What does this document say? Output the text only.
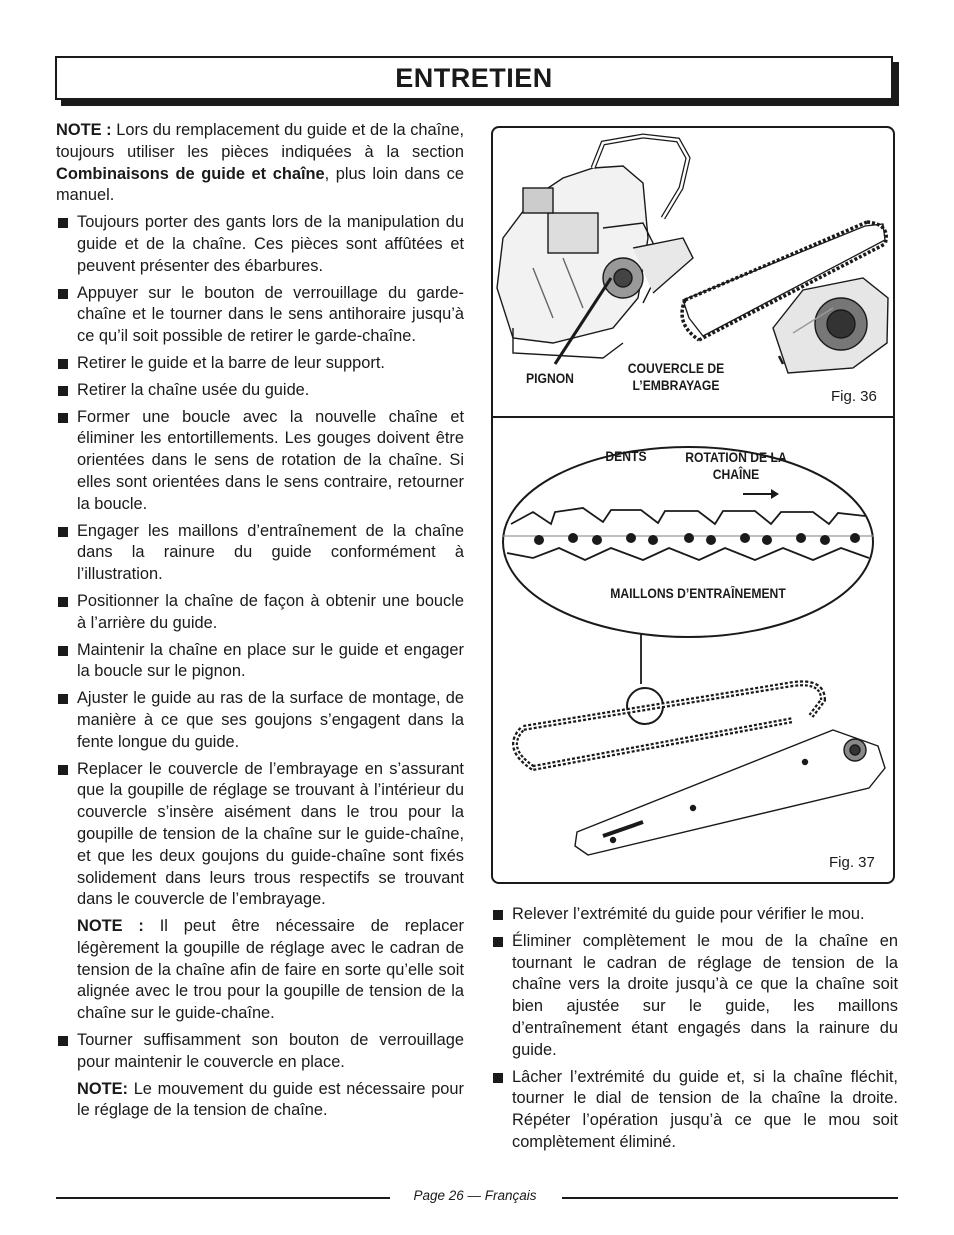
ENTRETIEN

NOTE : Lors du remplacement du guide et de la chaîne, toujours utiliser les pièces indiquées à la section Combinaisons de guide et chaîne, plus loin dans ce manuel.

Toujours porter des gants lors de la manipulation du guide et de la chaîne. Ces pièces sont affûtées et peuvent présenter des ébarbures.
Appuyer sur le bouton de verrouillage du garde-chaîne et le tourner dans le sens antihoraire jusqu’à ce qu’il soit possible de retirer le garde-chaîne.
Retirer le guide et la barre de leur support.
Retirer la chaîne usée du guide.
Former une boucle avec la nouvelle chaîne et éliminer les entortillements. Les gouges doivent être orientées dans le sens de rotation de la chaîne. Si elles sont orientées dans le sens contraire, retourner la boucle.
Engager les maillons d’entraînement de la chaîne dans la rainure du guide conformément à l’illustration.
Positionner la chaîne de façon à obtenir une boucle à l’arrière du guide.
Maintenir la chaîne en place sur le guide et engager la boucle sur le pignon.
Ajuster le guide au ras de la surface de montage, de manière à ce que ses goujons s’engagent dans la fente longue du guide.
Replacer le couvercle de l’embrayage en s’assurant que la goupille de réglage se trouvant à l’intérieur du couvercle s’insère aisément dans le trou pour la goupille de tension de la chaîne sur le guide-chaîne, et que les deux goujons du guide-chaîne sont fixés solidement dans leurs trous respectifs se trouvant dans le couvercle de l’embrayage.
NOTE : Il peut être nécessaire de replacer légèrement la goupille de réglage avec le cadran de tension de la chaîne afin de faire en sorte qu’elle soit alignée avec le trou pour la goupille de tension de la chaîne sur le guide-chaîne.
Tourner suffisamment son bouton de verrouillage pour maintenir le couvercle en place.
NOTE: Le mouvement du guide est nécessaire pour le réglage de la tension de chaîne.
Fig. 36
PIGNON
COUVERCLE DE L’EMBRAYAGE
Fig. 37
DENTS	ROTATION DE LA CHAÎNE
MAILLONS D’ENTRAÎNEMENT
Relever l’extrémité du guide pour vérifier le mou.
Éliminer complètement le mou de la chaîne en tournant le cadran de réglage de tension de la chaîne vers la droite jusqu’à ce que la chaîne soit bien ajustée sur le guide, les maillons d’entraînement étant engagés dans la rainure du guide.
Lâcher l’extrémité du guide et, si la chaîne fléchit, tourner le dial de tension de la chaîne la droite. Répéter l’opération jusqu’à ce que le mou soit complètement éliminé.
Page 26 — Français
